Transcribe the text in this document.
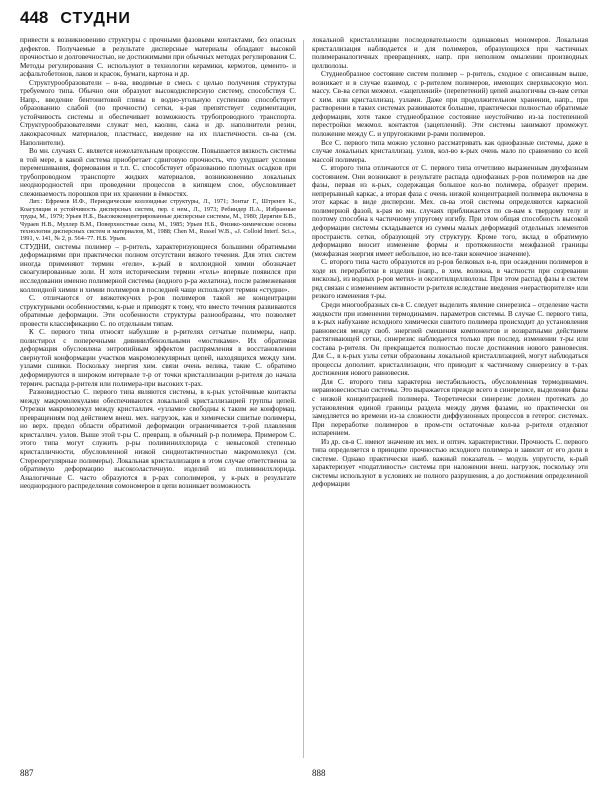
448 СТУДНИ

привести к возникновению структуры с прочными фазовыми контактами, без опасных дефектов. Получаемые в результате дисперсные материалы обладают высокой прочностью и долговечностью, не достижимыми при обычных методах регулирования С. Методы регулирования С. используют в технологии керамики, кермэтов, цементо- и асфальтобетонов, лаков и красок, бумаги, картона и др.

Структурообразователи – в-ва, вводимые в смесь с целью получения структуры требуемого типа. Обычно они образуют высокодисперсную систему, способствуя С. Напр., введение бентонитовой глины в водно-угольную суспензию способствует образованию слабой (по прочности) сетки, к-рая препятствует седиментации, устойчивость системы и обеспечивает возможность трубопроводного транспорта. Структурообразователями служат мел, каолин, сажа и др. наполнители резин, лакокрасочных материалов, пластмасс, введение на их пластичности. св-ва (см. Наполнители).

Во мн. случаях С. является нежелательным процессом. Повышается вязкость системы в той мере, в какой система приобретает сдвиговую прочность, что ухудшает условия перемешивания, формования и т.п. С. способствует образованию плотных осадков при трубопроводном транспорте жидких материалов, возникновению локальных неоднородностей при проведении процессов в кипящем слое, обусловливает слеживаемость порошков при их хранении в ёмкостях.

Лит.: Ефремов И.Ф., Периодические коллоидные структуры, Л., 1971; Зонтаг Г., Штренге К., Коагуляция и устойчивость дисперсных систем, пер. с нем., Л., 1973; Ребиндер П.А., Избранные труды, М., 1979; Урьев Н.Б., Высококонцентрированные дисперсные системы, М., 1980; Дерягин Б.В., Чураев Н.В., Муллер В.М., Поверхностные силы, М., 1985; Урьев Н.Б., Физико-химические основы технологии дисперсных систем и материалов, М., 1988; Chen M., Russel W.B., «J. Colloid Interf. Sci.», 1991, v. 141, № 2, p. 564–77. Н.Б. Урьев.

СТУДНИ, системы полимер – р-ритель, характеризующиеся большими обратимыми деформациями при практически полном отсутствии вязкого течения. Для этих систем иногда применяют термин «гели», к-рый в коллоидной химии обозначает скоагулированные золи. Н хотя историческим термин «гель» впервые появился при исследовании именно полимерной системы (водного р-ра желатина), после размежевания коллоидной химии и химии полимеров в последней чаще используют термин «студни».

С. отличаются от вязкотекучих р-ров полимеров такой же концентрации структурными особенностями, к-рые и приводят к тому, что вместо течения развиваются обратимые деформации. Эти особенности структуры разнообразны, что позволяет провести классификацию С. по отдельным типам.

К С. первого типа относят набухшие в р-рителях сетчатые полимеры, напр. полистирол с поперечными дивинилбензольными «мостиками». Их обратимая деформация обусловлена энтропийным эффектом распрямления в восстановлении свернутой конформации участков макромолекулярных цепей, находящихся между хим. узлами сшивки. Поскольку энергия хим. связи очень велика, такие С. обратимо деформируются в широком интервале т-р от точки кристаллизации р-рителя до начала термич. распада р-рителя или полимера-при высоких т-рах.

Разновидностью С. первого типа являются системы, в к-рых устойчивые контакты между макромолекулами обеспечиваются локальной кристаллизацией группы цепей. Отрезки макромолекул между кристаллич. «узлами» свободны к таким же конформац. превращениям под действием внеш. мех. нагрузок, как и химически сшитые полимеры, но верх. предел области обратимой деформации ограничивается т-рой плавления кристаллич. узлов. Выше этой т-ры С. превращ. в обычный р-р полимера. Примером С. этого типа могут служить р-ры поливинилхлорида с невысокой степенью кристалличности, обусловленной низкой синдиотактичностью макромолекул (см. Стереорегулярные полимеры). Локальная кристаллизация в этом случае ответственна за обратимую деформацию высокоэластичную. изделий из поливинилхлорида. Аналогичные С. часто образуются в р-рах сополимеров, у к-рых в результате неоднородного распределения сомономеров в цепи возникает возможность

локальной кристаллизации последовательности одинаковых мономеров. Локальная кристаллизация наблюдается и для полимеров, образующихся при частичных полимераналогичных превращениях, напр. при неполном омылении производных целлюлозы.

Студнеобразное состояние систем полимер – р-ритель, сходное с описанным выше, возникает и в случае взаимод. с р-рителем полимеров, имеющих сверхвысокую мол. массу. Св-ва сетки межмол. «зацеплений» (перепетений) цепей аналогичны св-вам сетки с хим. или кристаллизац. узлами. Даже при продолжительном хранении, напр., при растворении в таких системах развиваются большие, практически полностью обратимые деформации, хотя такое студнеобразное состояние неустойчиво из-за постепенной перестройки межмол. контактов (зацеплений). Эти системы занимают промежут. положение между С. и упругоязкими р-рами полимеров.

Все С. первого типа можно условно рассматривать как однофазные системы, даже в случае локальных кристаллизац. узлов, кол-во к-рых очень мало по сравнению со всей массой полимера.

С. второго типа отличаются от С. первого типа отчетливо выраженным двухфазным состоянием. Они возникают в результате распада однофазных р-ров полимеров на две фазы, первая из к-рых, содержащая большое кол-во полимера, образует прерим. непрерывный каркас, а вторая фаза с очень низкой концентрацией полимера включена в этот каркас в виде дисперсии. Мех. св-ва этой системы определяются каркасной полимерной фазой, к-рая во мн. случаях приближается по св-вам к твердому телу и поэтому способна к частичному упругому изгибу. При этом общая способность высокой деформации системы складывается из суммы малых деформаций отдельных элементов пространств. сетки, образующей эту структуру. Кроме того, вклад в обратимую деформацию вносит изменение формы и протяженности межфазной границы (межфазная энергия имеет небольшое, но все-таки конечное значение).

С. второго типа часто образуются из р-ров белковых в-в, при осаждении полимеров в ходе их переработки в изделия (напр., в хим. волокна, в частности при созревании вискозы), из водных р-ров метил- и оксиэтилцеллюлозы. При этом распад фазы в систем ряд связан с изменением активности р-рителя вследствие введения «нерастворителя» или резкого изменения т-ры.

Среди многообразных св-в С. следует выделить явление синерезиса – отделение части жидкости при изменении термодинамич. параметров системы. В случае С. первого типа, в к-рых набухание исходного химически сшитого полимера происходит до установления равновесия между своб. энергией смешения компонентов и возвратными действием растягивающей сетки, синерезис наблюдается только при послед. изменении т-ры или состава р-рителя. Он прекращается полностью после достижения нового равновесия. Для С., в к-рых узлы сетки образованы локальной кристаллизацией, могут наблюдаться процессы дополнит. кристаллизации, что приводит к частичному синерезису в т-рах достижения нового равновесия.

Для С. второго типа характерна нестабильность, обусловленная термодинамич. неравновесностью системы. Это выражается прежде всего в синерезисе, выделении фазы с низкой концентрацией полимера. Теоретически синерезис должен протекать до установления единой границы раздела между двумя фазами, но практически он замедляется во времени из-за сложности диффузионных процессов в гетерог. системах. При переработке полимеров в пром-сти остаточные кол-ва р-рителя отделяют испарением.

Из др. св-в С. имеют значение их мех. и оптич. характеристики. Прочность С. первого типа определяется в принципе прочностью исходного полимера и зависит от его доли в системе. Однако практически наиб. важный показатель – модуль упругости, к-рый характеризует «податливость» системы при наложении внеш. нагрузок, поскольку эти системы используют в условиях не полного разрушения, а до достижения определенной деформации

887	888
